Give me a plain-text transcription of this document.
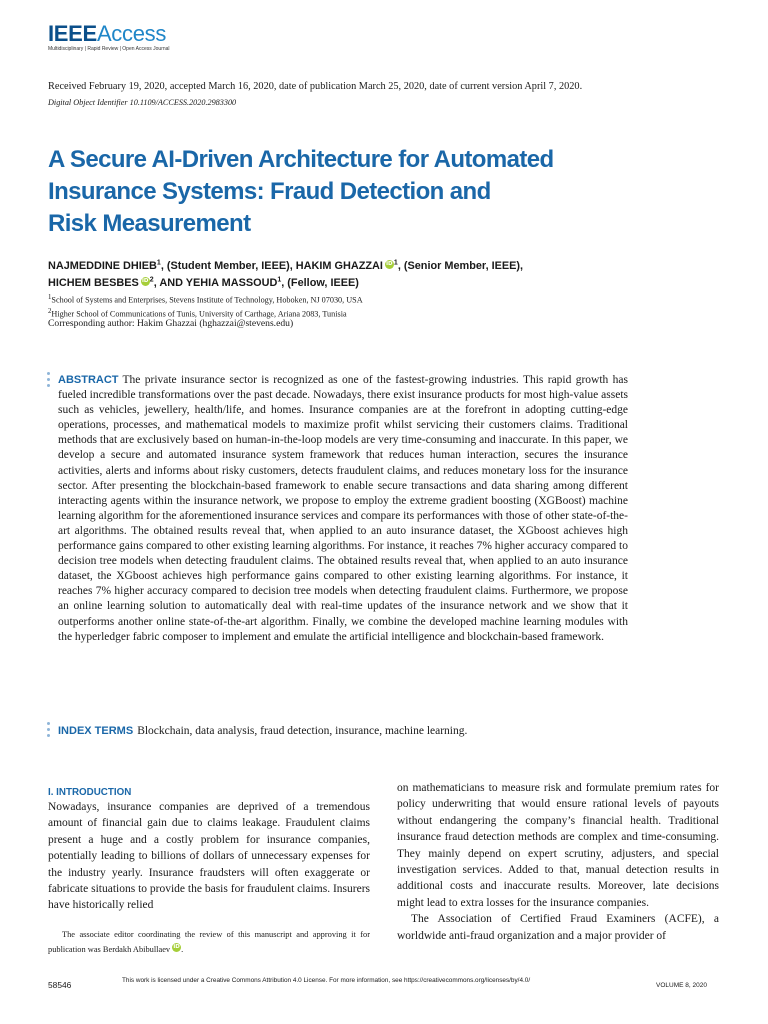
IEEEAccess
Multidisciplinary | Rapid Review | Open Access Journal
Received February 19, 2020, accepted March 16, 2020, date of publication March 25, 2020, date of current version April 7, 2020.
Digital Object Identifier 10.1109/ACCESS.2020.2983300
A Secure AI-Driven Architecture for Automated
Insurance Systems: Fraud Detection and
Risk Measurement
NAJMEDDINE DHIEB$^1$, (Student Member, IEEE), HAKIM GHAZZAI $iD^1$, (Senior Member, IEEE),
HICHEM BESBES $iD^2$, AND YEHIA MASSOUD$^1$, (Fellow, IEEE)
$^1$School of Systems and Enterprises, Stevens Institute of Technology, Hoboken, NJ 07030, USA
$^2$Higher School of Communications of Tunis, University of Carthage, Ariana 2083, Tunisia
Corresponding author: Hakim Ghazzai (hghazzai@stevens.edu)
ABSTRACT The private insurance sector is recognized as one of the fastest-growing industries. This rapid growth has fueled incredible transformations over the past decade. Nowadays, there exist insurance products for most high-value assets such as vehicles, jewellery, health/life, and homes. Insurance companies are at the forefront in adopting cutting-edge operations, processes, and mathematical models to maximize profit whilst servicing their customers claims. Traditional methods that are exclusively based on human-in-the-loop models are very time-consuming and inaccurate. In this paper, we develop a secure and automated insurance system framework that reduces human interaction, secures the insurance activities, alerts and informs about risky customers, detects fraudulent claims, and reduces monetary loss for the insurance sector. After presenting the blockchain-based framework to enable secure transactions and data sharing among different interacting agents within the insurance network, we propose to employ the extreme gradient boosting (XGBoost) machine learning algorithm for the aforementioned insurance services and compare its performances with those of other state-of-the-art algorithms. The obtained results reveal that, when applied to an auto insurance dataset, the XGboost achieves high performance gains compared to other existing learning algorithms. For instance, it reaches 7% higher accuracy compared to decision tree models when detecting fraudulent claims. The obtained results reveal that, when applied to an auto insurance dataset, the XGboost achieves high performance gains compared to other existing learning algorithms. For instance, it reaches 7% higher accuracy compared to decision tree models when detecting fraudulent claims. Furthermore, we propose an online learning solution to automatically deal with real-time updates of the insurance network and we show that it outperforms another online state-of-the-art algorithm. Finally, we combine the developed machine learning modules with the hyperledger fabric composer to implement and emulate the artificial intelligence and blockchain-based framework.
INDEX TERMS Blockchain, data analysis, fraud detection, insurance, machine learning.
I. INTRODUCTION

Nowadays, insurance companies are deprived of a tremendous amount of financial gain due to claims leakage. Fraudulent claims present a huge and a costly problem for insurance companies, potentially leading to billions of dollars of unnecessary expenses for the industry yearly. Insurance fraudsters will often exaggerate or fabricate situations to provide the basis for fraudulent claims. Insurers have historically relied

on mathematicians to measure risk and formulate premium rates for policy underwriting that would ensure rational levels of payouts without endangering the company’s financial health. Traditional insurance fraud detection methods are complex and time-consuming. They mainly depend on expert scrutiny, adjusters, and special investigation services. Added to that, manual detection results in additional costs and inaccurate results. Moreover, late decisions might lead to extra losses for the insurance companies.

The Association of Certified Fraud Examiners (ACFE), a worldwide anti-fraud organization and a major provider of

The associate editor coordinating the review of this manuscript and approving it for publication was Berdakh Abibullaev iD.
58546	This work is licensed under a Creative Commons Attribution 4.0 License. For more information, see https://creativecommons.org/licenses/by/4.0/
VOLUME 8, 2020
